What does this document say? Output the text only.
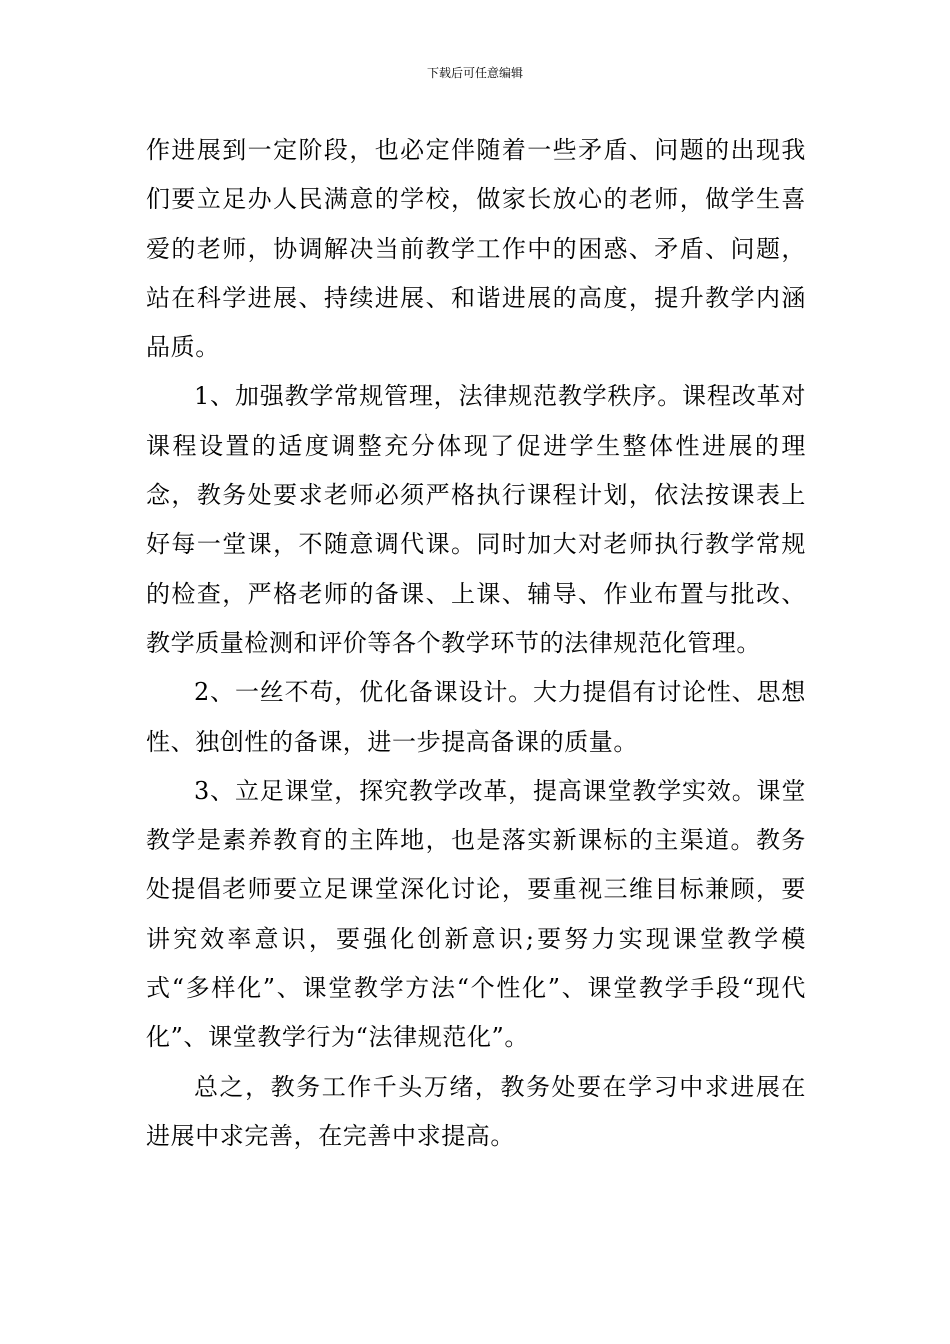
下载后可任意编辑

作进展到一定阶段，也必定伴随着一些矛盾、问题的出现我们要立足办人民满意的学校，做家长放心的老师，做学生喜爱的老师，协调解决当前教学工作中的困惑、矛盾、问题，站在科学进展、持续进展、和谐进展的高度，提升教学内涵品质。

1、加强教学常规管理，法律规范教学秩序。课程改革对课程设置的适度调整充分体现了促进学生整体性进展的理念，教务处要求老师必须严格执行课程计划，依法按课表上好每一堂课，不随意调代课。同时加大对老师执行教学常规的检查，严格老师的备课、上课、辅导、作业布置与批改、教学质量检测和评价等各个教学环节的法律规范化管理。

2、一丝不苟，优化备课设计。大力提倡有讨论性、思想性、独创性的备课，进一步提高备课的质量。

3、立足课堂，探究教学改革，提高课堂教学实效。课堂教学是素养教育的主阵地，也是落实新课标的主渠道。教务处提倡老师要立足课堂深化讨论，要重视三维目标兼顾，要讲究效率意识，要强化创新意识;要努力实现课堂教学模式“多样化”、课堂教学方法“个性化”、课堂教学手段“现代化”、课堂教学行为“法律规范化”。

总之，教务工作千头万绪，教务处要在学习中求进展在进展中求完善，在完善中求提高。
